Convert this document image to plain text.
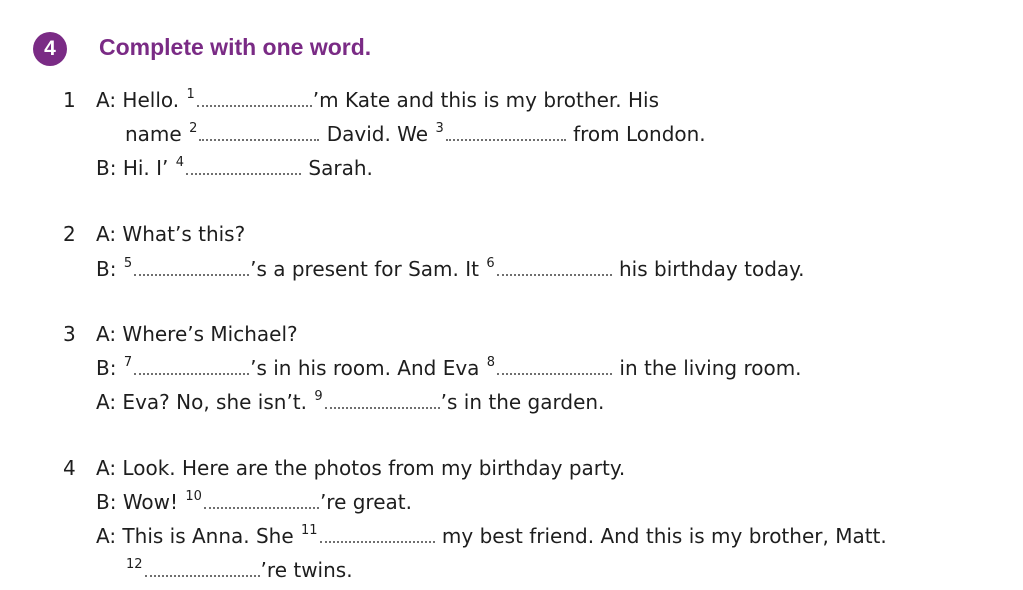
4	Complete with one word.
1 A: Hello. $^1$	’m Kate and this is my brother. His
name $^2$	David. We $^3$	from London.
B: Hi. I’ $^4$	Sarah.
2 A: What’s this?
B: $^5$	’s a present for Sam. It $^6$	his birthday today.
3 A: Where’s Michael?
B: $^7$	’s in his room. And Eva $^8$	in the living room.
A: Eva? No, she isn’t. $^9$	’s in the garden.
4 A: Look. Here are the photos from my birthday party.
B: Wow! $^{10}$	’re great.
A: This is Anna. She $^{11}$	my best friend. And this is my brother, Matt.
$^{12}$	’re twins.
